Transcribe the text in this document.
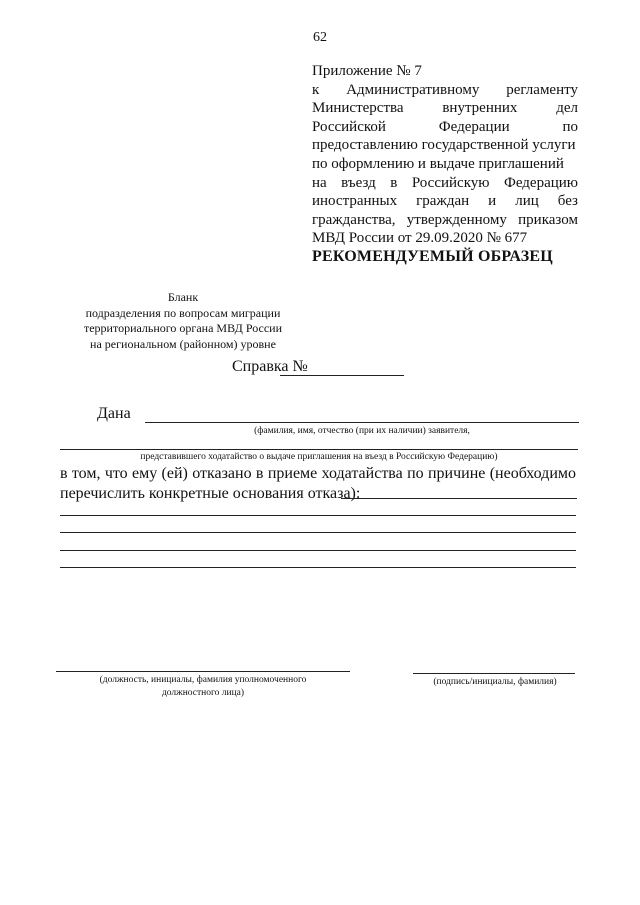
62
Приложение № 7
к Административному регламенту
Министерства	внутренних	дел
Российской	Федерации	по
предоставлению государственной услуги
по оформлению и выдаче приглашений
на въезд в Российскую Федерацию
иностранных граждан и лиц без
гражданства, утвержденному приказом
МВД России от 29.09.2020 № 677
РЕКОМЕНДУЕМЫЙ ОБРАЗЕЦ
Бланк
подразделения по вопросам миграции
территориального органа МВД России
на региональном (районном) уровне
Справка №
Дана
(фамилия, имя, отчество (при их наличии) заявителя,
представившего ходатайство о выдаче приглашения на въезд в Российскую Федерацию)
в том, что ему (ей) отказано в приеме ходатайства по причине (необходимо
перечислить конкретные основания отказа):
(должность, инициалы, фамилия уполномоченного
должностного лица)
(подпись/инициалы, фамилия)
